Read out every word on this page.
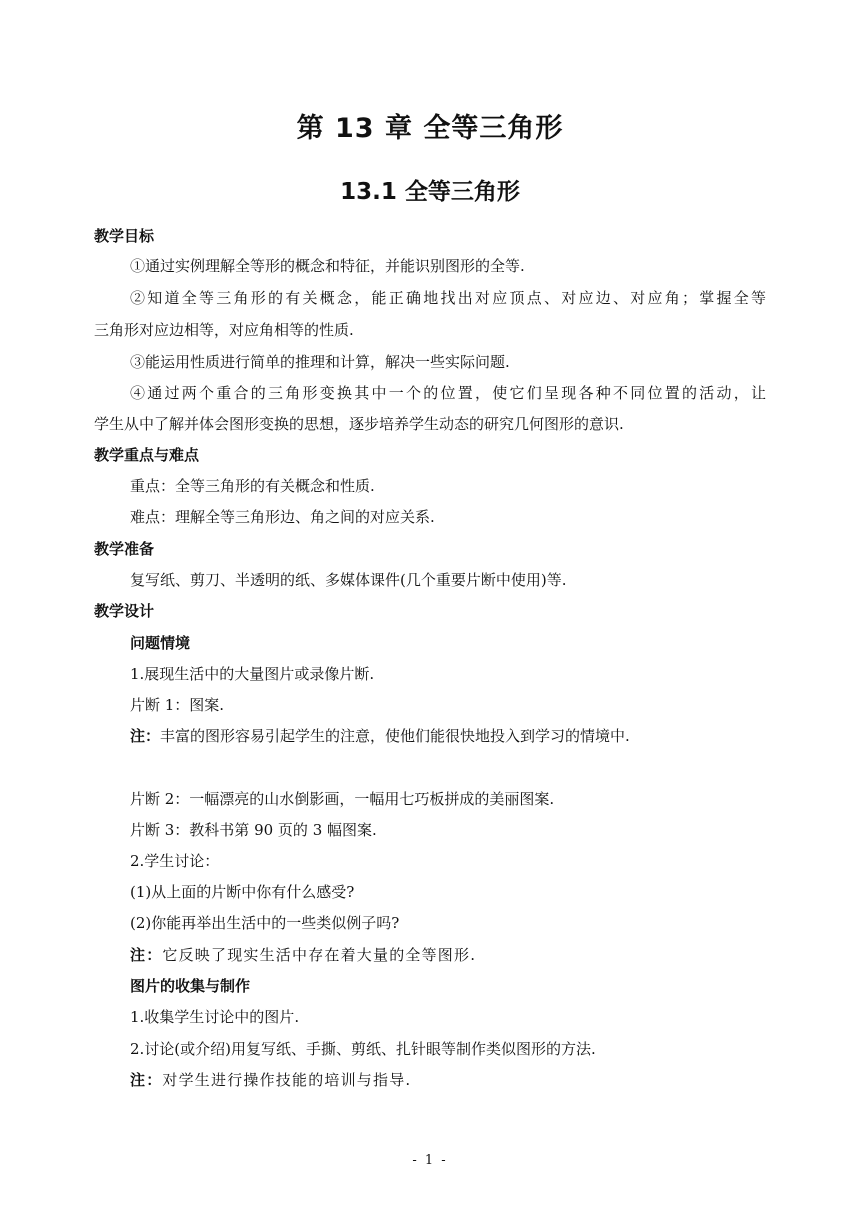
第 13 章 全等三角形
13.1 全等三角形
教学目标
①通过实例理解全等形的概念和特征，并能识别图形的全等.
②知道全等三角形的有关概念，能正确地找出对应顶点、对应边、对应角；掌握全等
三角形对应边相等，对应角相等的性质.
③能运用性质进行简单的推理和计算，解决一些实际问题.
④通过两个重合的三角形变换其中一个的位置，使它们呈现各种不同位置的活动，让
学生从中了解并体会图形变换的思想，逐步培养学生动态的研究几何图形的意识.
教学重点与难点
重点：全等三角形的有关概念和性质.
难点：理解全等三角形边、角之间的对应关系.
教学准备
复写纸、剪刀、半透明的纸、多媒体课件(几个重要片断中使用)等.
教学设计
问题情境
1.展现生活中的大量图片或录像片断.
片断 1：图案.
注：丰富的图形容易引起学生的注意，使他们能很快地投入到学习的情境中.
片断 2：一幅漂亮的山水倒影画，一幅用七巧板拼成的美丽图案.
片断 3：教科书第 90 页的 3 幅图案.
2.学生讨论：
(1)从上面的片断中你有什么感受?
(2)你能再举出生活中的一些类似例子吗?
注：它反映了现实生活中存在着大量的全等图形.
图片的收集与制作
1.收集学生讨论中的图片.
2.讨论(或介绍)用复写纸、手撕、剪纸、扎针眼等制作类似图形的方法.
注：对学生进行操作技能的培训与指导.
- 1 -
